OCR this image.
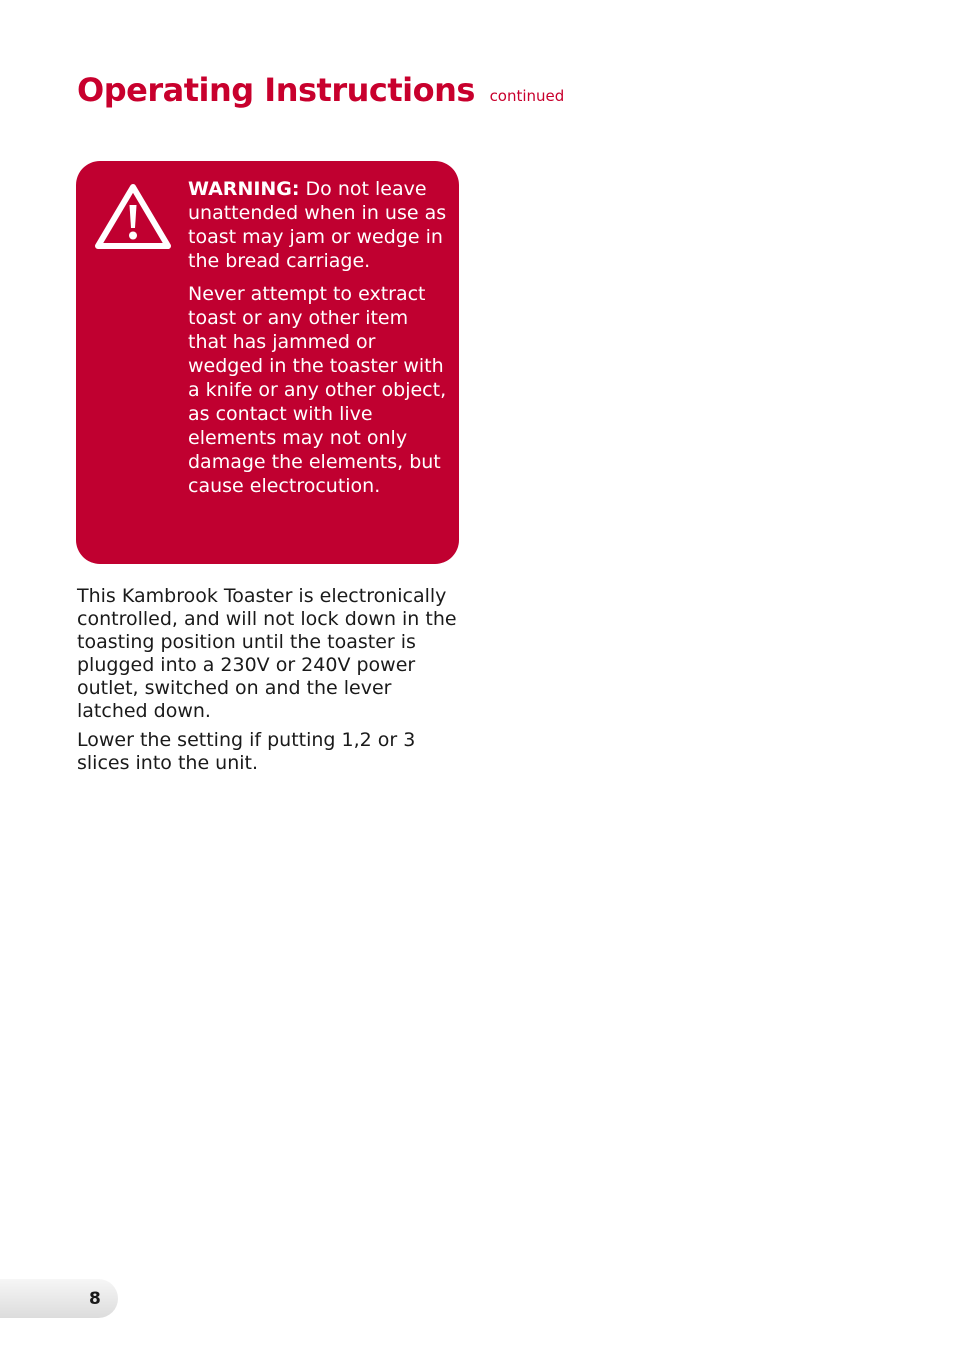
Operating Instructions continued

WARNING: Do not leave unattended when in use as toast may jam or wedge in the bread carriage.

Never attempt to extract toast or any other item that has jammed or wedged in the toaster with a knife or any other object, as contact with live elements may not only damage the elements, but cause electrocution.

This Kambrook Toaster is electronically controlled, and will not lock down in the toasting position until the toaster is plugged into a 230V or 240V power outlet, switched on and the lever latched down.

Lower the setting if putting 1,2 or 3 slices into the unit.

8
